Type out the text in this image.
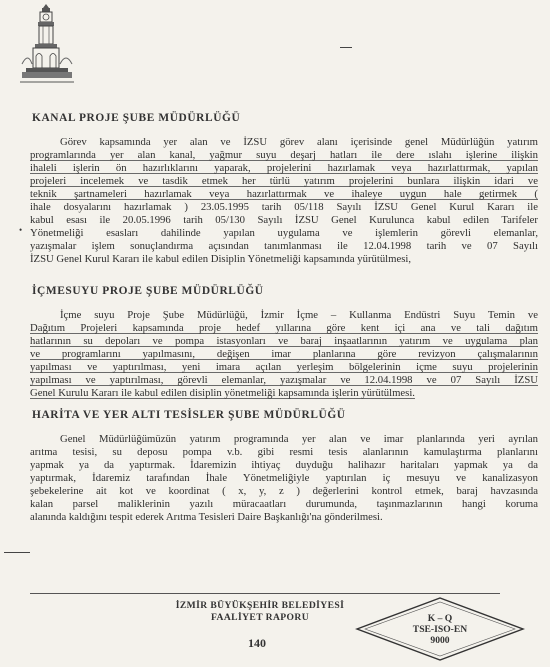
•
KANAL PROJE ŞUBE MÜDÜRLÜĞÜ

Görev kapsamında yer alan ve İZSU görev alanı içerisinde genel Müdürlüğün yatırım
programlarında yer alan kanal, yağmur suyu deşarj hatları ile dere ıslahı işlerine ilişkin
ihaleli işlerin ön hazırlıklarını yaparak, projelerini hazırlamak veya hazırlattırmak, yapılan
projeleri incelemek ve tasdik etmek her türlü yatırım projelerini bunlara ilişkin idari ve
teknik şartnameleri hazırlamak veya hazırlattırmak ve ihaleye uygun hale getirmek (
ihale dosyalarını hazırlamak ) 23.05.1995 tarih 05/118 Sayılı İZSU Genel Kurul Kararı ile
kabul esası ile 20.05.1996 tarih 05/130 Sayılı İZSU Genel Kurulunca kabul edilen Tarifeler
Yönetmeliği esasları dahilinde yapılan uygulama ve işlemlerin görevli elemanlar,
yazışmalar işlem sonuçlandırma açısından tanımlanması ile 12.04.1998 tarih ve 07 Sayılı
İZSU Genel Kurul Kararı ile kabul edilen Disiplin Yönetmeliği kapsamında yürütülmesi,

İÇMESUYU PROJE ŞUBE MÜDÜRLÜĞÜ

İçme suyu Proje Şube Müdürlüğü, İzmir İçme – Kullanma Endüstri Suyu Temin ve
Dağıtım Projeleri kapsamında proje hedef yıllarına göre kent içi ana ve tali dağıtım
hatlarının su depoları ve pompa istasyonları ve baraj inşaatlarının yatırım ve uygulama plan
ve programlarını yapılmasını, değişen imar planlarına göre revizyon çalışmalarının
yapılması ve yaptırılması, yeni imara açılan yerleşim bölgelerinin içme suyu projelerinin
yapılması ve yaptırılması, görevli elemanlar, yazışmalar ve 12.04.1998 ve 07 Sayılı İZSU
Genel Kurulu Kararı ile kabul edilen disiplin yönetmeliği kapsamında işlerin yürütülmesi.

HARİTA VE YER ALTI TESİSLER ŞUBE MÜDÜRLÜĞÜ

Genel Müdürlüğümüzün yatırım programında yer alan ve imar planlarında yeri ayrılan
arıtma tesisi, su deposu pompa v.b. gibi resmi tesis alanlarının kamulaştırma planlarını
yapmak ya da yaptırmak. İdaremizin ihtiyaç duyduğu halihazır haritaları yapmak ya da
yaptırmak, İdaremiz tarafından İhale Yönetmeliğiyle yaptırılan iç mesuyu ve kanalizasyon
şebekelerine ait kot ve koordinat ( x, y, z ) değerlerini kontrol etmek, baraj havzasında
kalan parsel maliklerinin yazılı müracaatları durumunda, taşınmazlarının hangi koruma
alanında kaldığını tespit ederek Arıtma Tesisleri Daire Başkanlığı'na gönderilmesi.

İZMİR BÜYÜKŞEHİR BELEDİYESİ
FAALİYET RAPORU
140
K – Q
TSE-ISO-EN
9000
